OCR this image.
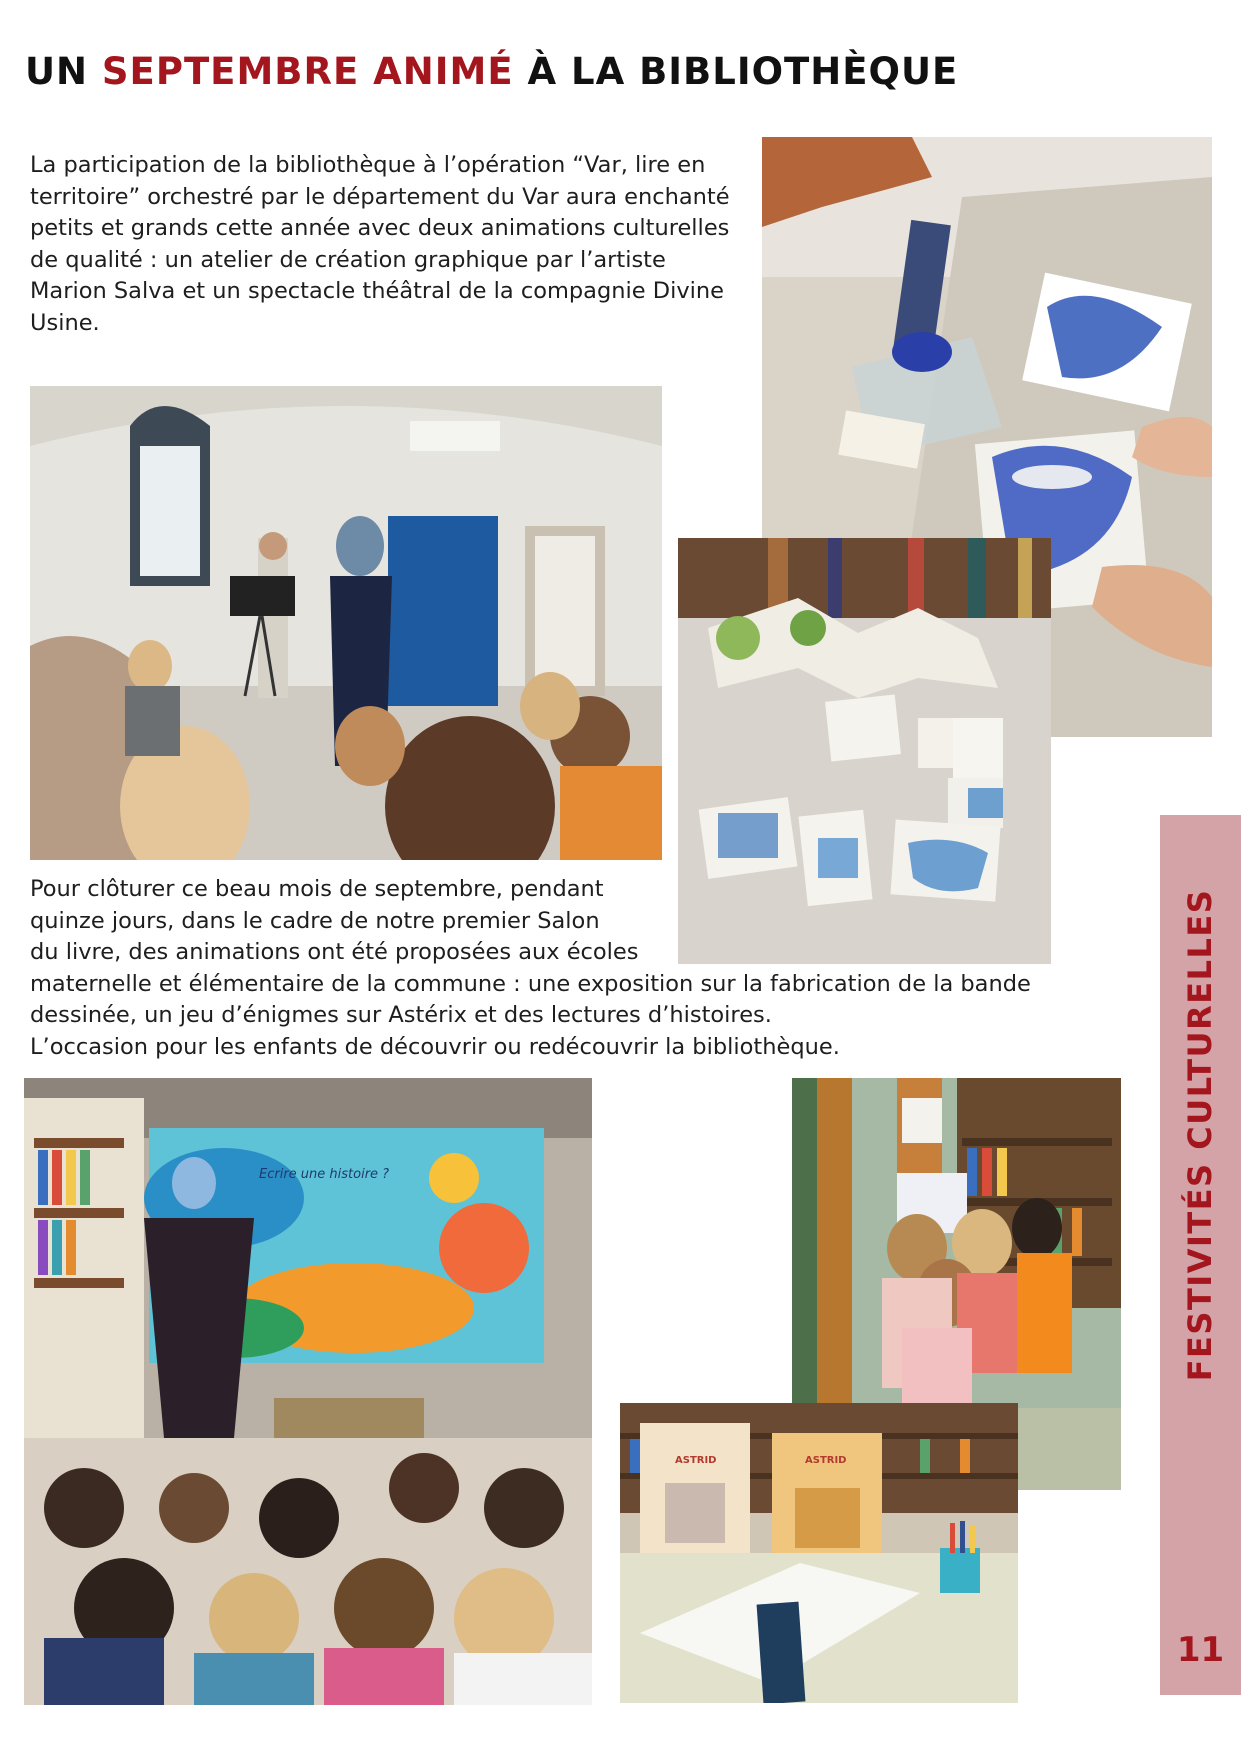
UN SEPTEMBRE ANIMÉ À LA BIBLIOTHÈQUE

La participation de la bibliothèque à l’opération “Var, lire en territoire” orchestré par le département du Var aura enchanté petits et grands cette année avec deux animations culturelles de qualité : un atelier de création graphique par l’artiste Marion Salva et un spectacle théâtral de la compagnie Divine Usine.

Pour clôturer ce beau mois de septembre, pendant
quinze jours, dans le cadre de notre premier Salon
du livre, des animations ont été proposées aux écoles
maternelle et élémentaire de la commune : une exposition sur la fabrication de la bande
dessinée, un jeu d’énigmes sur Astérix et des lectures d’histoires.
L’occasion pour les enfants de découvrir ou redécouvrir la bibliothèque.

Ecrire une histoire ?
ASTRID	ASTRID
FESTIVITÉS CULTURELLES
11
